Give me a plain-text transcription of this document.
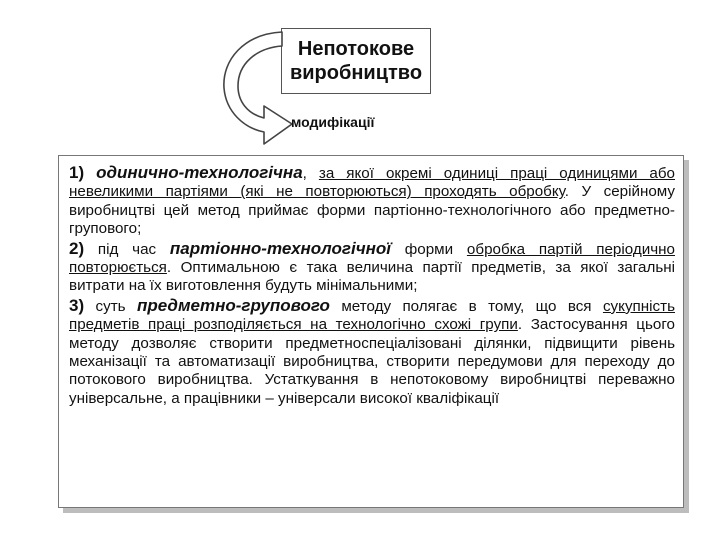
Непотокове виробництво
модифікації

1) одинично-технологічна, за якої окремі одиниці праці одиницями або невеликими партіями (які не повторюються) проходять обробку. У серійному виробництві цей метод приймає форми партіонно-технологічного або предметно-групового;

2) під час партіонно-технологічної форми обробка партій періодично повторюється. Оптимальною є така величина партії предметів, за якої загальні витрати на їх виготовлення будуть мінімальними;

3) суть предметно-групового методу полягає в тому, що вся сукупність предметів праці розподіляється на технологічно схожі групи. Застосування цього методу дозволяє створити предметноспеціалізовані ділянки, підвищити рівень механізації та автоматизації виробництва, створити передумови для переходу до потокового виробництва. Устаткування в непотоковому виробництві переважно універсальне, а працівники – універсали високої кваліфікації
